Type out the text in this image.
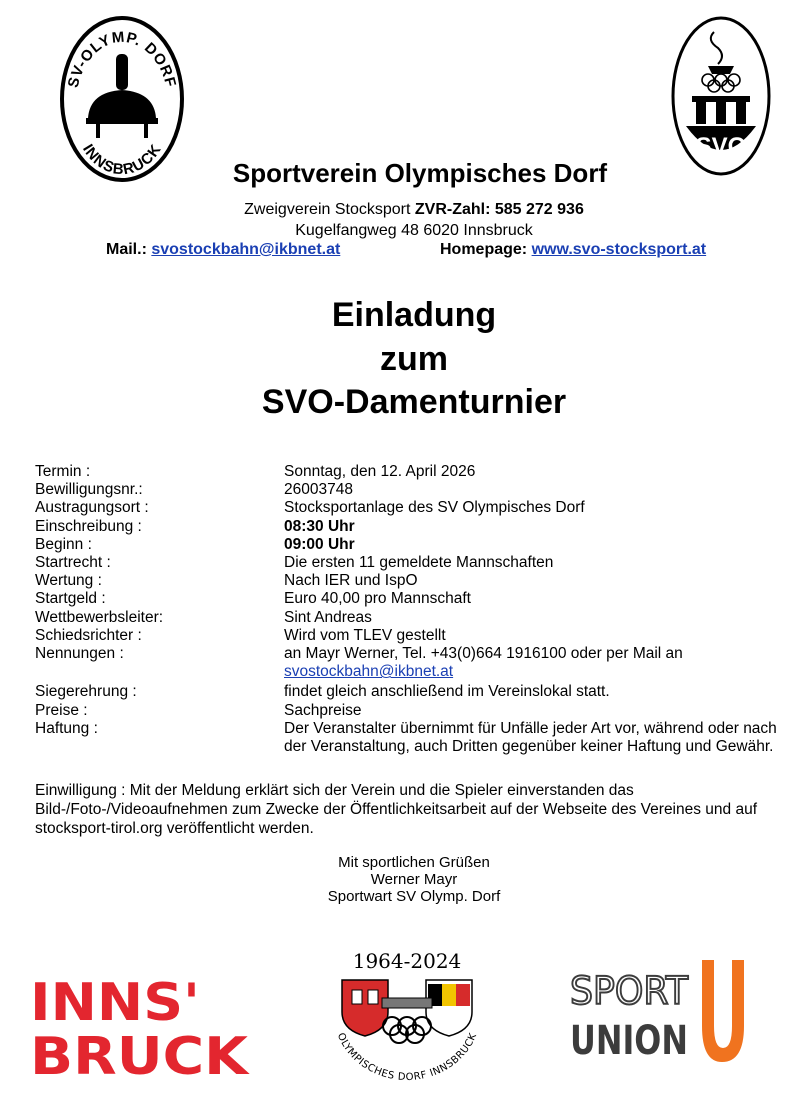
SV-OLYMP. DORF
INNSBRUCK	SVO
Sportverein Olympisches Dorf
Zweigverein Stocksport ZVR-Zahl: 585 272 936
Kugelfangweg 48 6020 Innsbruck
Mail.: svostockbahn@ikbnet.at	Homepage: www.svo-stocksport.at
Einladung
zum
SVO-Damenturnier
Termin :	Sonntag, den 12. April 2026
Bewilligungsnr.:	26003748
Austragungsort :	Stocksportanlage des SV Olympisches Dorf
Einschreibung :	08:30 Uhr
Beginn :	09:00 Uhr
Startrecht :	Die ersten 11 gemeldete Mannschaften
Wertung :	Nach IER und IspO
Startgeld :	Euro 40,00 pro Mannschaft
Wettbewerbsleiter:	Sint Andreas
Schiedsrichter :	Wird vom TLEV gestellt
Nennungen :	an Mayr Werner, Tel. +43(0)664 1916100 oder per Mail an
svostockbahn@ikbnet.at
Siegerehrung :	findet gleich anschließend im Vereinslokal statt.
Preise :	Sachpreise
Haftung :	Der Veranstalter übernimmt für Unfälle jeder Art vor, während oder nach der Veranstaltung, auch Dritten gegenüber keiner Haftung und Gewähr.
Einwilligung : Mit der Meldung erklärt sich der Verein und die Spieler einverstanden das Bild-/Foto-/Videoaufnehmen zum Zwecke der Öffentlichkeitsarbeit auf der Webseite des Vereines und auf stocksport-tirol.org veröffentlicht werden.
Mit sportlichen Grüßen
Werner Mayr
Sportwart SV Olymp. Dorf
INNS'
BRUCK
1964-2024
OLYMPISCHES DORF INNSBRUCK
SPORT
UNION
